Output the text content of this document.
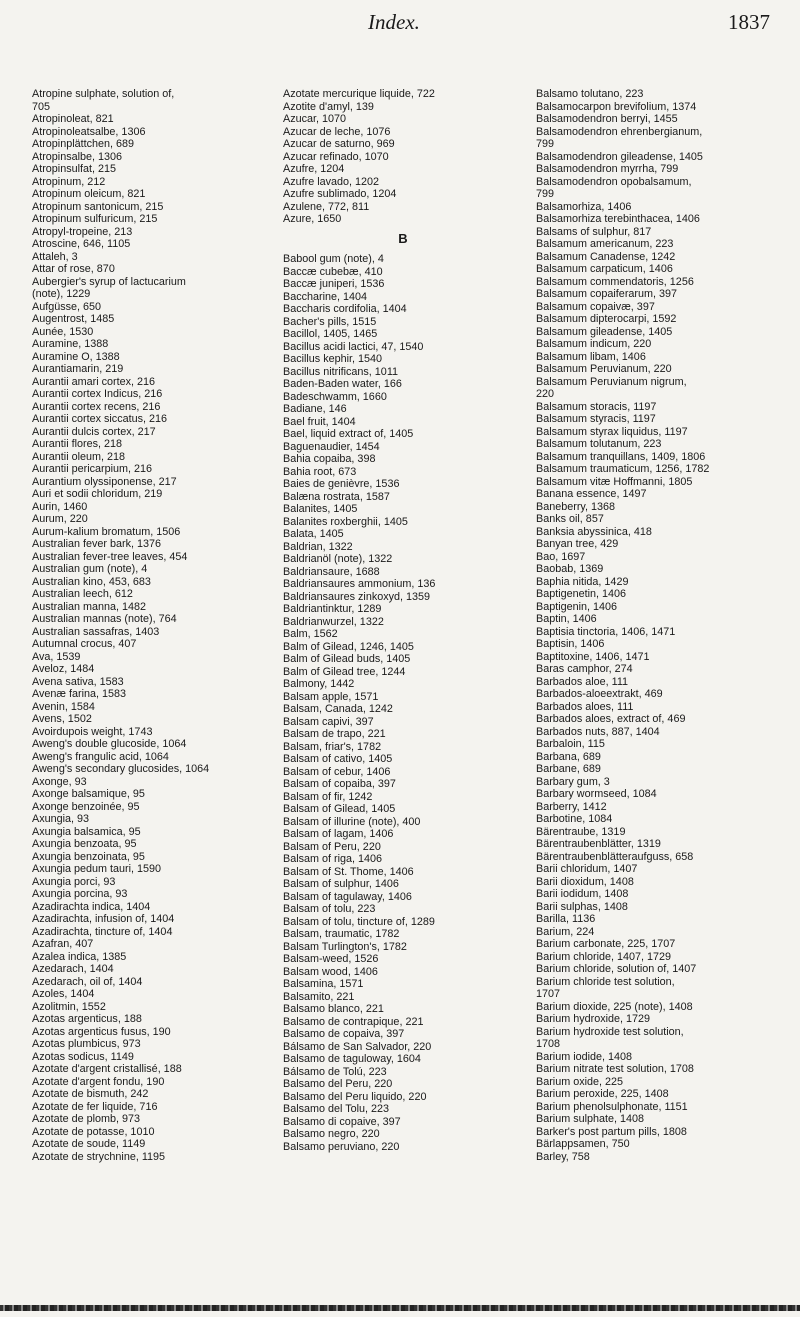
Index.	1837
Atropine sulphate, solution of,
705
Atropinoleat, 821
Atropinoleatsalbe, 1306
Atropinplättchen, 689
Atropinsalbe, 1306
Atropinsulfat, 215
Atropinum, 212
Atropinum oleicum, 821
Atropinum santonicum, 215
Atropinum sulfuricum, 215
Atropyl-tropeine, 213
Atroscine, 646, 1105
Attaleh, 3
Attar of rose, 870
Aubergier's syrup of lactucarium
(note), 1229
Aufgüsse, 650
Augentrost, 1485
Aunée, 1530
Auramine, 1388
Auramine O, 1388
Aurantiamarin, 219
Aurantii amari cortex, 216
Aurantii cortex Indicus, 216
Aurantii cortex recens, 216
Aurantii cortex siccatus, 216
Aurantii dulcis cortex, 217
Aurantii flores, 218
Aurantii oleum, 218
Aurantii pericarpium, 216
Aurantium olyssiponense, 217
Auri et sodii chloridum, 219
Aurin, 1460
Aurum, 220
Aurum-kalium bromatum, 1506
Australian fever bark, 1376
Australian fever-tree leaves, 454
Australian gum (note), 4
Australian kino, 453, 683
Australian leech, 612
Australian manna, 1482
Australian mannas (note), 764
Australian sassafras, 1403
Autumnal crocus, 407
Ava, 1539
Aveloz, 1484
Avena sativa, 1583
Avenæ farina, 1583
Avenin, 1584
Avens, 1502
Avoirdupois weight, 1743
Aweng's double glucoside, 1064
Aweng's frangulic acid, 1064
Aweng's secondary glucosides, 1064
Axonge, 93
Axonge balsamique, 95
Axonge benzoinée, 95
Axungia, 93
Axungia balsamica, 95
Axungia benzoata, 95
Axungia benzoinata, 95
Axungia pedum tauri, 1590
Axungia porci, 93
Axungia porcina, 93
Azadirachta indica, 1404
Azadirachta, infusion of, 1404
Azadirachta, tincture of, 1404
Azafran, 407
Azalea indica, 1385
Azedarach, 1404
Azedarach, oil of, 1404
Azoles, 1404
Azolitmin, 1552
Azotas argenticus, 188
Azotas argenticus fusus, 190
Azotas plumbicus, 973
Azotas sodicus, 1149
Azotate d'argent cristallisé, 188
Azotate d'argent fondu, 190
Azotate de bismuth, 242
Azotate de fer liquide, 716
Azotate de plomb, 973
Azotate de potasse, 1010
Azotate de soude, 1149
Azotate de strychnine, 1195
Azotate mercurique liquide, 722
Azotite d'amyl, 139
Azucar, 1070
Azucar de leche, 1076
Azucar de saturno, 969
Azucar refinado, 1070
Azufre, 1204
Azufre lavado, 1202
Azufre sublimado, 1204
Azulene, 772, 811
Azure, 1650
B
Babool gum (note), 4
Baccæ cubebæ, 410
Baccæ juniperi, 1536
Baccharine, 1404
Baccharis cordifolia, 1404
Bacher's pills, 1515
Bacillol, 1405, 1465
Bacillus acidi lactici, 47, 1540
Bacillus kephir, 1540
Bacillus nitrificans, 1011
Baden-Baden water, 166
Badeschwamm, 1660
Badiane, 146
Bael fruit, 1404
Bael, liquid extract of, 1405
Baguenaudier, 1454
Bahia copaiba, 398
Bahia root, 673
Baies de genièvre, 1536
Balæna rostrata, 1587
Balanites, 1405
Balanites roxberghii, 1405
Balata, 1405
Baldrian, 1322
Baldrianöl (note), 1322
Baldriansaure, 1688
Baldriansaures ammonium, 136
Baldriansaures zinkoxyd, 1359
Baldriantinktur, 1289
Baldrianwurzel, 1322
Balm, 1562
Balm of Gilead, 1246, 1405
Balm of Gilead buds, 1405
Balm of Gilead tree, 1244
Balmony, 1442
Balsam apple, 1571
Balsam, Canada, 1242
Balsam capivi, 397
Balsam de trapo, 221
Balsam, friar's, 1782
Balsam of cativo, 1405
Balsam of cebur, 1406
Balsam of copaiba, 397
Balsam of fir, 1242
Balsam of Gilead, 1405
Balsam of illurine (note), 400
Balsam of lagam, 1406
Balsam of Peru, 220
Balsam of riga, 1406
Balsam of St. Thome, 1406
Balsam of sulphur, 1406
Balsam of tagulaway, 1406
Balsam of tolu, 223
Balsam of tolu, tincture of, 1289
Balsam, traumatic, 1782
Balsam Turlington's, 1782
Balsam-weed, 1526
Balsam wood, 1406
Balsamina, 1571
Balsamito, 221
Balsamo blanco, 221
Balsamo de contrapique, 221
Balsamo de copaiva, 397
Bálsamo de San Salvador, 220
Balsamo de taguloway, 1604
Bálsamo de Tolú, 223
Balsamo del Peru, 220
Balsamo del Peru liquido, 220
Balsamo del Tolu, 223
Balsamo di copaive, 397
Balsamo negro, 220
Balsamo peruviano, 220
Balsamo tolutano, 223
Balsamocarpon brevifolium, 1374
Balsamodendron berryi, 1455
Balsamodendron ehrenbergianum,
799
Balsamodendron gileadense, 1405
Balsamodendron myrrha, 799
Balsamodendron opobalsamum,
799
Balsamorhiza, 1406
Balsamorhiza terebinthacea, 1406
Balsams of sulphur, 817
Balsamum americanum, 223
Balsamum Canadense, 1242
Balsamum carpaticum, 1406
Balsamum commendatoris, 1256
Balsamum copaiferarum, 397
Balsamum copaivæ, 397
Balsamum dipterocarpi, 1592
Balsamum gileadense, 1405
Balsamum indicum, 220
Balsamum libam, 1406
Balsamum Peruvianum, 220
Balsamum Peruvianum nigrum,
220
Balsamum storacis, 1197
Balsamum styracis, 1197
Balsamum styrax liquidus, 1197
Balsamum tolutanum, 223
Balsamum tranquillans, 1409, 1806
Balsamum traumaticum, 1256, 1782
Balsamum vitæ Hoffmanni, 1805
Banana essence, 1497
Baneberry, 1368
Banks oil, 857
Banksia abyssinica, 418
Banyan tree, 429
Bao, 1697
Baobab, 1369
Baphia nitida, 1429
Baptigenetin, 1406
Baptigenin, 1406
Baptin, 1406
Baptisia tinctoria, 1406, 1471
Baptisin, 1406
Baptitoxine, 1406, 1471
Baras camphor, 274
Barbados aloe, 111
Barbados-aloeextrakt, 469
Barbados aloes, 111
Barbados aloes, extract of, 469
Barbados nuts, 887, 1404
Barbaloin, 115
Barbana, 689
Barbane, 689
Barbary gum, 3
Barbary wormseed, 1084
Barberry, 1412
Barbotine, 1084
Bärentraube, 1319
Bärentraubenblätter, 1319
Bärentraubenblätteraufguss, 658
Barii chloridum, 1407
Barii dioxidum, 1408
Barii iodidum, 1408
Barii sulphas, 1408
Barilla, 1136
Barium, 224
Barium carbonate, 225, 1707
Barium chloride, 1407, 1729
Barium chloride, solution of, 1407
Barium chloride test solution,
1707
Barium dioxide, 225 (note), 1408
Barium hydroxide, 1729
Barium hydroxide test solution,
1708
Barium iodide, 1408
Barium nitrate test solution, 1708
Barium oxide, 225
Barium peroxide, 225, 1408
Barium phenolsulphonate, 1151
Barium sulphate, 1408
Barker's post partum pills, 1808
Bärlappsamen, 750
Barley, 758
